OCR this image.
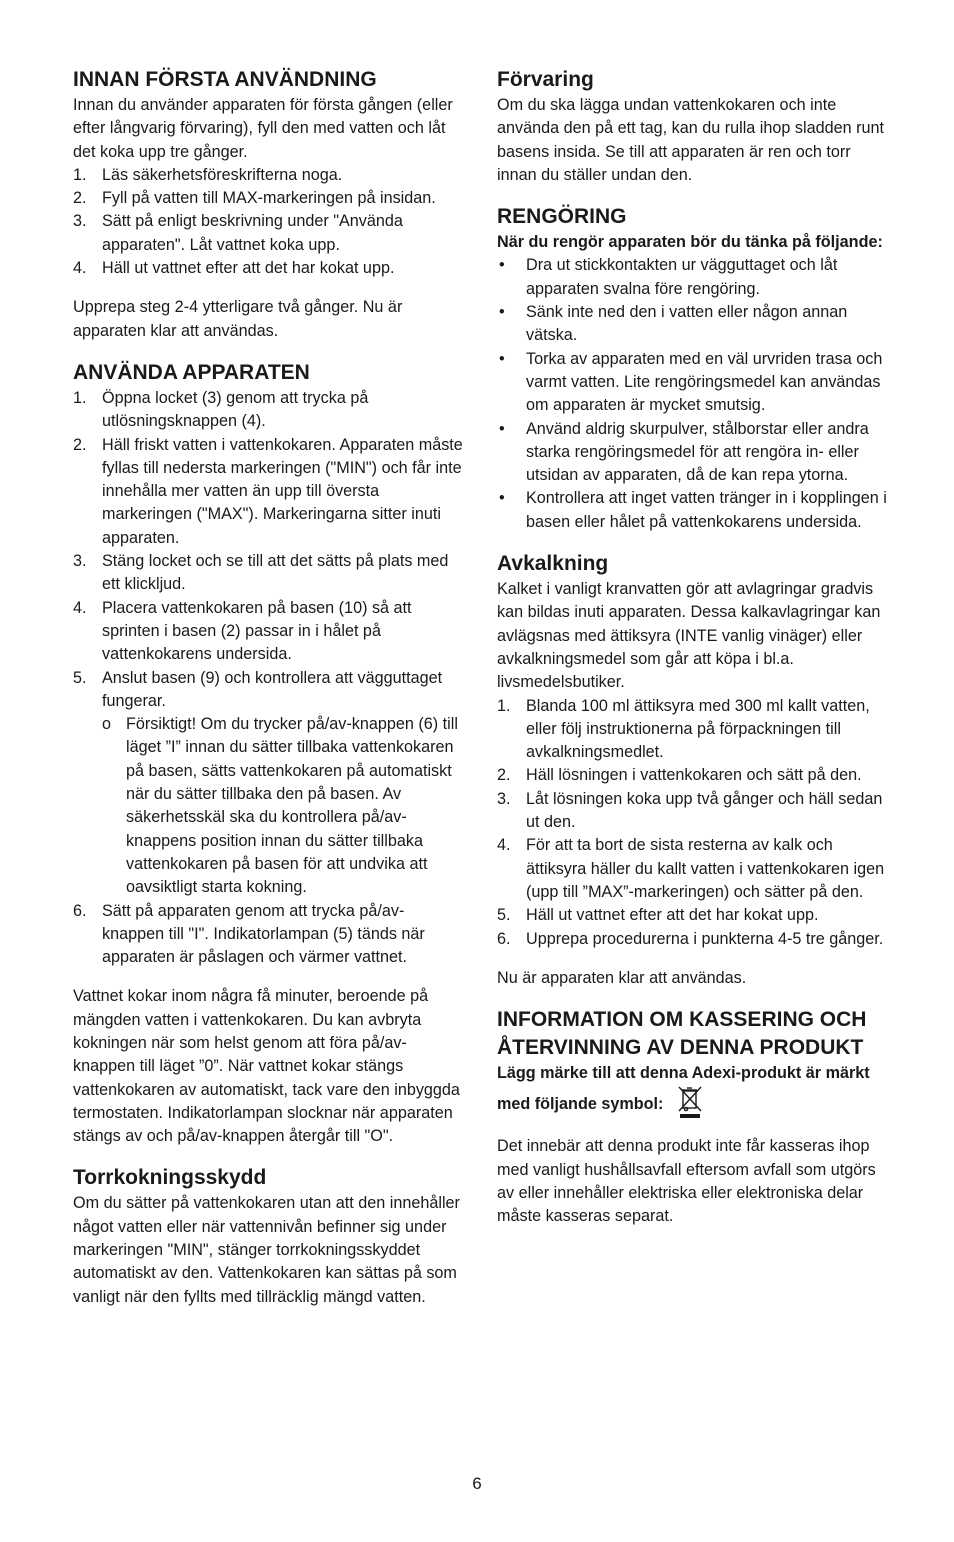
INNAN FÖRSTA ANVÄNDNING

Innan du använder apparaten för första gången (eller efter långvarig förvaring), fyll den med vatten och låt det koka upp tre gånger.

1. Läs säkerhetsföreskrifterna noga.
2. Fyll på vatten till MAX-markeringen på insidan.
3. Sätt på enligt beskrivning under "Använda apparaten". Låt vattnet koka upp.
4. Häll ut vattnet efter att det har kokat upp.

Upprepa steg 2-4 ytterligare två gånger. Nu är apparaten klar att användas.

ANVÄNDA APPARATEN
1. Öppna locket (3) genom att trycka på utlösningsknappen (4).
2. Häll friskt vatten i vattenkokaren. Apparaten måste fyllas till nedersta markeringen ("MIN") och får inte innehålla mer vatten än upp till översta markeringen ("MAX"). Markeringarna sitter inuti apparaten.
3. Stäng locket och se till att det sätts på plats med ett klickljud.
4. Placera vattenkokaren på basen (10) så att sprinten i basen (2) passar in i hålet på vattenkokarens undersida.
5. Anslut basen (9) och kontrollera att vägguttaget fungerar.
o Försiktigt! Om du trycker på/av-knappen (6) till läget ”I” innan du sätter tillbaka vattenkokaren på basen, sätts vattenkokaren på automatiskt när du sätter tillbaka den på basen. Av säkerhetsskäl ska du kontrollera på/av-knappens position innan du sätter tillbaka vattenkokaren på basen för att undvika att oavsiktligt starta kokning.
6. Sätt på apparaten genom att trycka på/av-knappen till "I". Indikatorlampan (5) tänds när apparaten är påslagen och värmer vattnet.

Vattnet kokar inom några få minuter, beroende på mängden vatten i vattenkokaren. Du kan avbryta kokningen när som helst genom att föra på/av-knappen till läget ”0”. När vattnet kokar stängs vattenkokaren av automatiskt, tack vare den inbyggda termostaten. Indikatorlampan slocknar när apparaten stängs av och på/av-knappen återgår till "O".

Torrkokningsskydd

Om du sätter på vattenkokaren utan att den innehåller något vatten eller när vattennivån befinner sig under markeringen "MIN", stänger torrkokningsskyddet automatiskt av den. Vattenkokaren kan sättas på som vanligt när den fyllts med tillräcklig mängd vatten.

Förvaring

Om du ska lägga undan vattenkokaren och inte använda den på ett tag, kan du rulla ihop sladden runt basens insida. Se till att apparaten är ren och torr innan du ställer undan den.

RENGÖRING

När du rengör apparaten bör du tänka på följande:

• Dra ut stickkontakten ur vägguttaget och låt apparaten svalna före rengöring.
• Sänk inte ned den i vatten eller någon annan vätska.
• Torka av apparaten med en väl urvriden trasa och varmt vatten. Lite rengöringsmedel kan användas om apparaten är mycket smutsig.
• Använd aldrig skurpulver, stålborstar eller andra starka rengöringsmedel för att rengöra in- eller utsidan av apparaten, då de kan repa ytorna.
• Kontrollera att inget vatten tränger in i kopplingen i basen eller hålet på vattenkokarens undersida.
Avkalkning

Kalket i vanligt kranvatten gör att avlagringar gradvis kan bildas inuti apparaten. Dessa kalkavlagringar kan avlägsnas med ättiksyra (INTE vanlig vinäger) eller avkalkningsmedel som går att köpa i bl.a. livsmedelsbutiker.

1. Blanda 100 ml ättiksyra med 300 ml kallt vatten, eller följ instruktionerna på förpackningen till avkalkningsmedlet.
2. Häll lösningen i vattenkokaren och sätt på den.
3. Låt lösningen koka upp två gånger och häll sedan ut den.
4. För att ta bort de sista resterna av kalk och ättiksyra häller du kallt vatten i vattenkokaren igen (upp till ”MAX”-markeringen) och sätter på den.
5. Häll ut vattnet efter att det har kokat upp.
6. Upprepa procedurerna i punkterna 4-5 tre gånger.

Nu är apparaten klar att användas.

INFORMATION OM KASSERING OCH ÅTERVINNING AV DENNA PRODUKT

Lägg märke till att denna Adexi-produkt är märkt med följande symbol:

Det innebär att denna produkt inte får kasseras ihop med vanligt hushållsavfall eftersom avfall som utgörs av eller innehåller elektriska eller elektroniska delar måste kasseras separat.

6
